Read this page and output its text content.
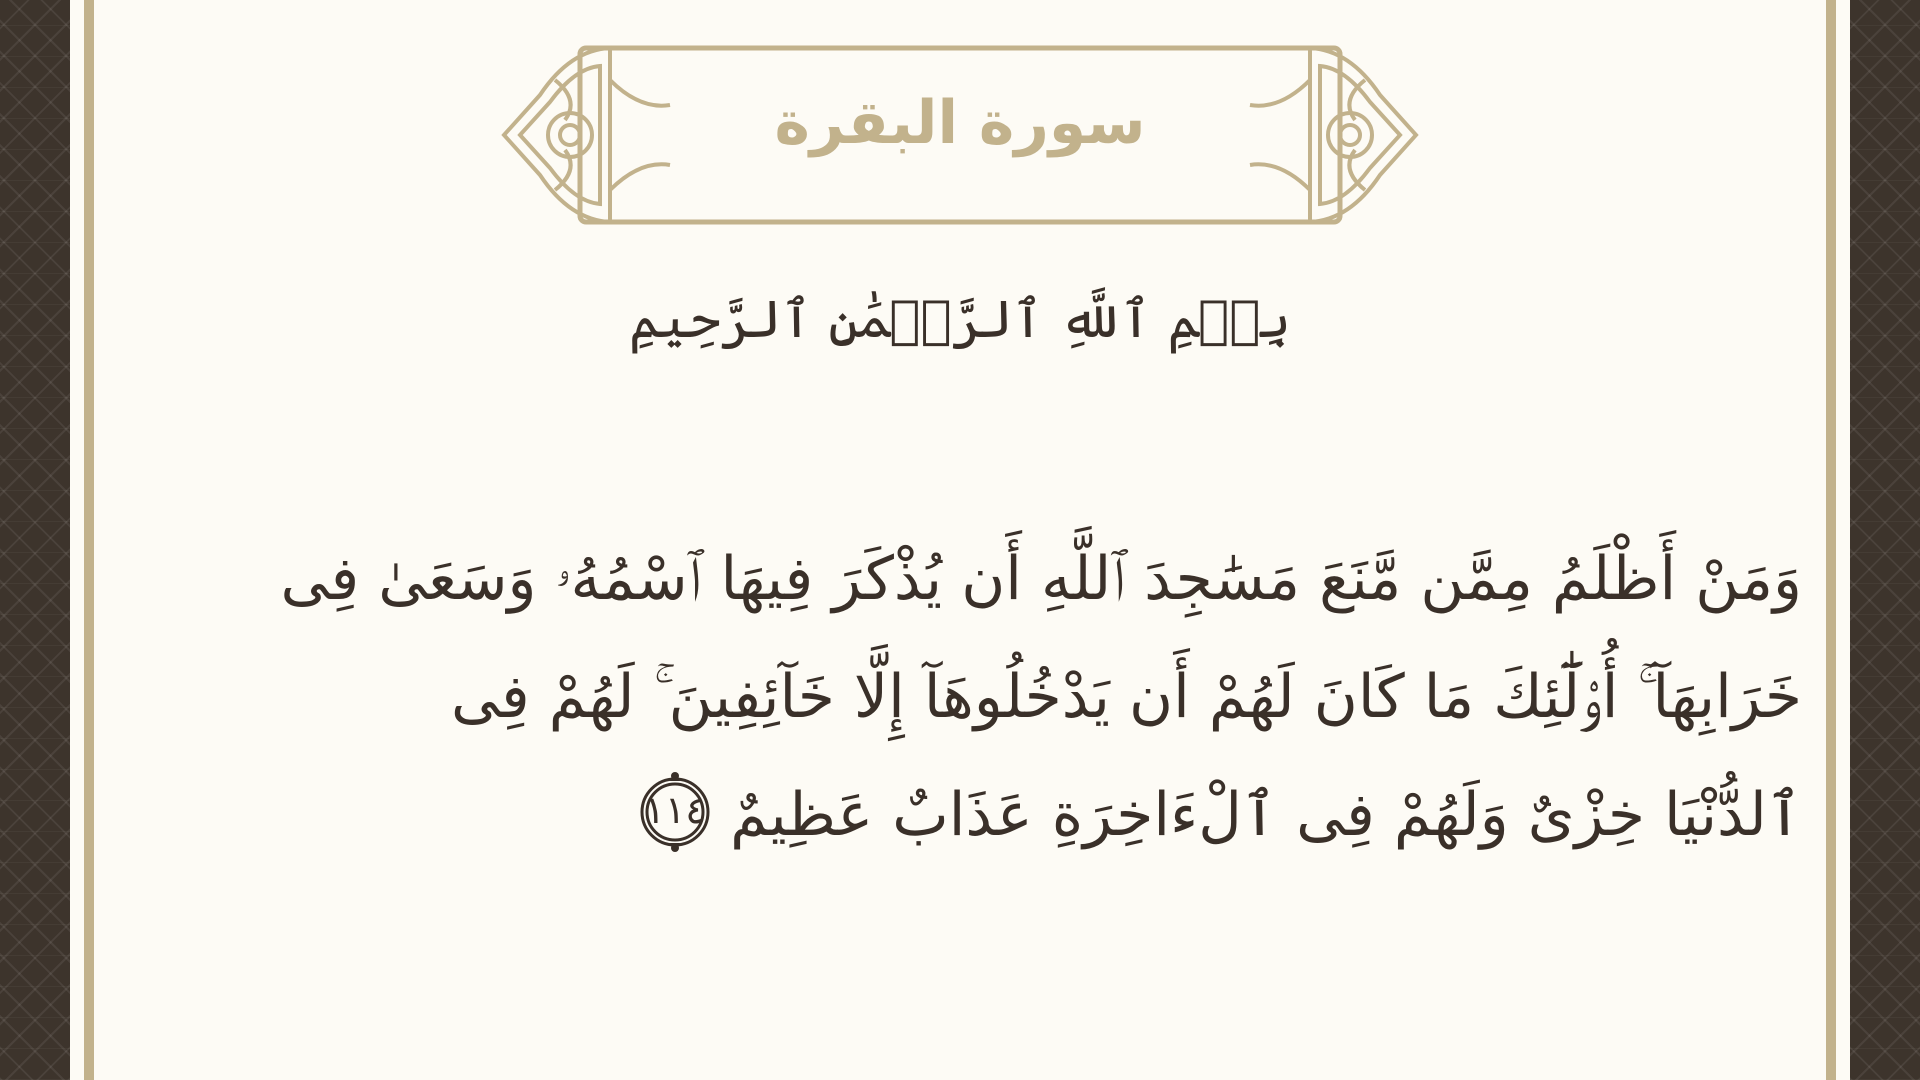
سورة البقرة
بِسۡمِ ٱللَّهِ ٱلرَّحۡمَٰنِ ٱلرَّحِيمِ
وَمَنْ أَظْلَمُ مِمَّن مَّنَعَ مَسَٰجِدَ ٱللَّهِ أَن يُذْكَرَ فِيهَا ٱسْمُهُۥ وَسَعَىٰ فِى
خَرَابِهَآ ۚ أُو۟لَٰٓئِكَ مَا كَانَ لَهُمْ أَن يَدْخُلُوهَآ إِلَّا خَآئِفِينَ ۚ لَهُمْ فِى
ٱلدُّنْيَا خِزْىٌ وَلَهُمْ فِى ٱلْءَاخِرَةِ عَذَابٌ عَظِيمٌ
١١٤
